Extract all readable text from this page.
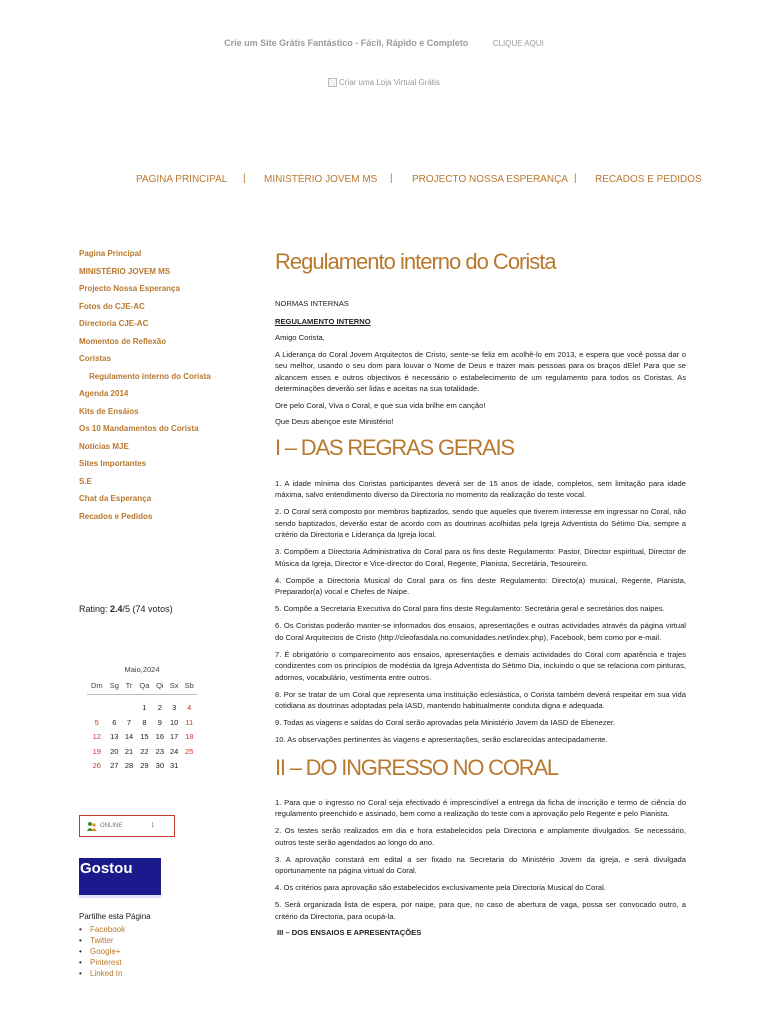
Crie um Site Grátis Fantástico - Fácil, Rápido e Completo	CLIQUE AQUI
Criar uma Loja Virtual Grátis
PAGINA PRINCIPAL | MINISTÉRIO JOVEM MS | PROJECTO NOSSA ESPERANÇA | RECADOS E PEDIDOS
Pagina Principal
MINISTÉRIO JOVEM MS
Projecto Nossa Esperança
Fotos do CJE-AC
Directoria CJE-AC
Momentos de Reflexão
Coristas
Regulamento interno do Corista
Agenda 2014
Kits de Ensáios
Os 10 Mandamentos do Corista
Notícias MJE
Sites Importantes
S.E
Chat da Esperança
Recados e Pedidos
Rating: 2.4/5 (74 votos)
Maio,2024
Dm	Sg	Tr	Qa	Qi	Sx	Sb

			1	2	3	4
5	6	7	8	9	10	11
12	13	14	15	16	17	18
19	20	21	22	23	24	25
26	27	28	29	30	31	
ONLINE	1
Gostou
Partilhe esta Página
• Facebook
• Twitter
• Google+
• Pinterest
• Linked In
Regulamento interno do Corista

NORMAS INTERNAS

REGULAMENTO INTERNO

Amigo Corista,

A Liderança do Coral Jovem Arquitectos de Cristo, sente-se feliz em acolhê-lo em 2013, e espera que você possa dar o seu melhor, usando o seu dom para louvar o Nome de Deus e trazer mais pessoas para os braços dEle! Para que se alcancem esses e outros objectivos é necessário o estabelecimento de um regulamento para todos os Coristas. As determinações deverão ser lidas e aceitas na sua totalidade.

Ore pelo Coral, Viva o Coral, e que sua vida brilhe em canção!

Que Deus abençoe este Ministério!

I – DAS REGRAS GERAIS

1. A idade mínima dos Coristas participantes deverá ser de 15 anos de idade, completos, sem limitação para idade máxima, salvo entendimento diverso da Directoria no momento da realização do teste vocal.

2. O Coral será composto por membros baptizados, sendo que aqueles que tiverem interesse em ingressar no Coral, não sendo baptizados, deverão estar de acordo com as doutrinas acolhidas pela Igreja Adventista do Sétimo Dia, sempre a critério da Directoria e Liderança da Igreja local.

3. Compõem a Directoria Administrativa do Coral para os fins deste Regulamento: Pastor, Director espiritual, Director de Música da Igreja, Director e Vice-director do Coral, Regente, Pianista, Secretária, Tesoureiro.

4. Compõe a Directoria Musical do Coral para os fins deste Regulamento: Directo(a) musical, Regente, Pianista, Preparador(a) vocal e Chefes de Naipe.

5. Compõe a Secretaria Executiva do Coral para fins deste Regulamento: Secretária geral e secretários dos naipes.

6. Os Coristas poderão manter-se informados dos ensaios, apresentações e outras actividades através da página virtual do Coral Arquitectos de Cristo (http://cleofasdala.no.comunidades.net/index.php), Facebook, bem como por e-mail.

7. É obrigatório o comparecimento aos ensaios, apresentações e demais actividades do Coral com aparência e trajes condizentes com os princípios de modéstia da Igreja Adventista do Sétimo Dia, incluindo o que se relaciona com pinturas, adornos, vocabulário, vestimenta entre outros.

8. Por se tratar de um Coral que representa uma instituição eclesiástica, o Corista também deverá respeitar em sua vida cotidiana as doutrinas adoptadas pela IASD, mantendo habitualmente conduta digna e adequada.

9. Todas as viagens e saídas do Coral serão aprovadas pela Ministério Jovem da IASD de Ebenezer.

10. As observações pertinentes às viagens e apresentações, serão esclarecidas antecipadamente.

II – DO INGRESSO NO CORAL

1. Para que o ingresso no Coral seja efectivado é imprescindível a entrega da ficha de inscrição e termo de ciência do regulamento preenchido e assinado, bem como a realização do teste com a aprovação pelo Regente e pelo Pianista.

2. Os testes serão realizados em dia e hora estabelecidos pela Directoria e amplamente divulgados. Se necessário, outros teste serão agendados ao longo do ano.

3. A aprovação constará em edital a ser fixado na Secretaria do Ministério Jovem da igreja, e será divulgada oportunamente na página virtual do Coral.

4. Os critérios para aprovação são estabelecidos exclusivamente pela Directoria Musical do Coral.

5. Será organizada lista de espera, por naipe, para que, no caso de abertura de vaga, possa ser convocado outro, a critério da Directoria, para ocupá-la.

III – DOS ENSAIOS E APRESENTAÇÕES
